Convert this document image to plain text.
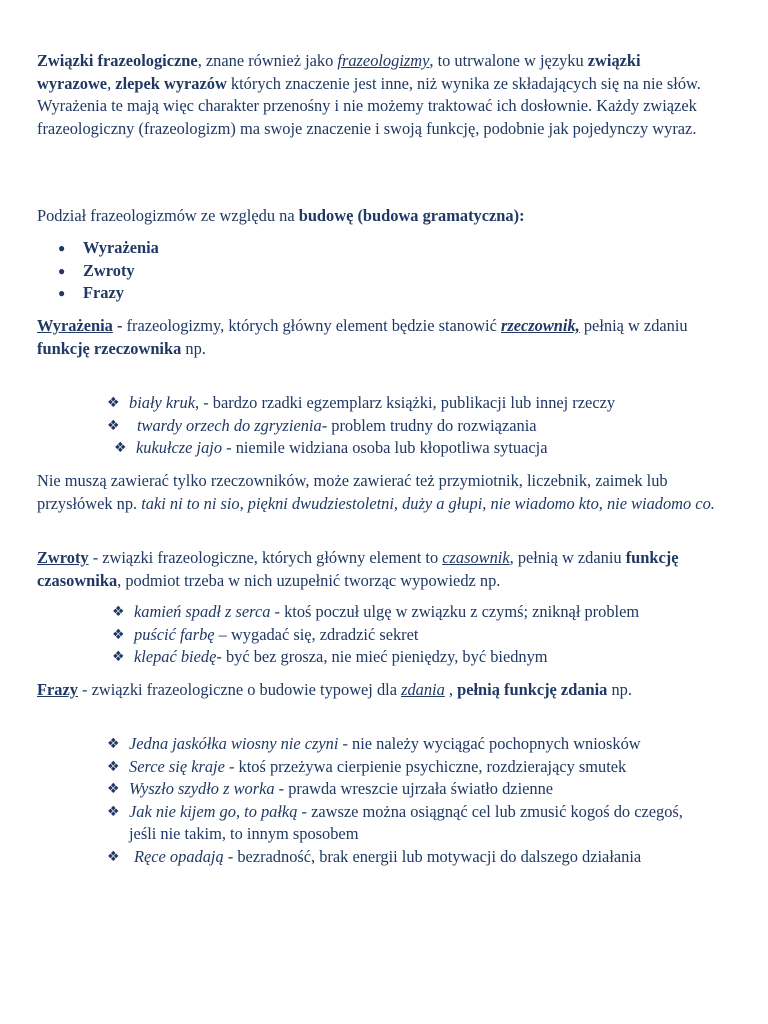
Związki frazeologiczne, znane również jako frazeologizmy, to utrwalone w języku związki wyrazowe, zlepek wyrazów których znaczenie jest inne, niż wynika ze składających się na nie słów. Wyrażenia te mają więc charakter przenośny i nie możemy traktować ich dosłownie. Każdy związek frazeologiczny (frazeologizm) ma swoje znaczenie i swoją funkcję, podobnie jak pojedynczy wyraz.

Podział frazeologizmów ze względu na budowę (budowa gramatyczna):

● Wyrażenia
● Zwroty
● Frazy

Wyrażenia - frazeologizmy, których główny element będzie stanowić rzeczownik, pełnią w zdaniu funkcję rzeczownika np.

❖ biały kruk, - bardzo rzadki egzemplarz książki, publikacji lub innej rzeczy
❖ twardy orzech do zgryzienia- problem trudny do rozwiązania
❖ kukułcze jajo - niemile widziana osoba lub kłopotliwa sytuacja

Nie muszą zawierać tylko rzeczowników, może zawierać też przymiotnik, liczebnik, zaimek lub przysłówek np. taki ni to ni sio, piękni dwudziestoletni, duży a głupi, nie wiadomo kto, nie wiadomo co.

Zwroty - związki frazeologiczne, których główny element to czasownik, pełnią w zdaniu funkcję czasownika, podmiot trzeba w nich uzupełnić tworząc wypowiedz np.

❖ kamień spadł z serca - ktoś poczuł ulgę w związku z czymś; zniknął problem
❖ puścić farbę – wygadać się, zdradzić sekret
❖ klepać biedę- być bez grosza, nie mieć pieniędzy, być biednym

Frazy - związki frazeologiczne o budowie typowej dla zdania , pełnią funkcję zdania np.

❖ Jedna jaskółka wiosny nie czyni - nie należy wyciągać pochopnych wniosków
❖ Serce się kraje - ktoś przeżywa cierpienie psychiczne, rozdzierający smutek
❖ Wyszło szydło z worka - prawda wreszcie ujrzała światło dzienne
❖ Jak nie kijem go, to pałką - zawsze można osiągnąć cel lub zmusić kogoś do czegoś, jeśli nie takim, to innym sposobem
❖ Ręce opadają - bezradność, brak energii lub motywacji do dalszego działania
